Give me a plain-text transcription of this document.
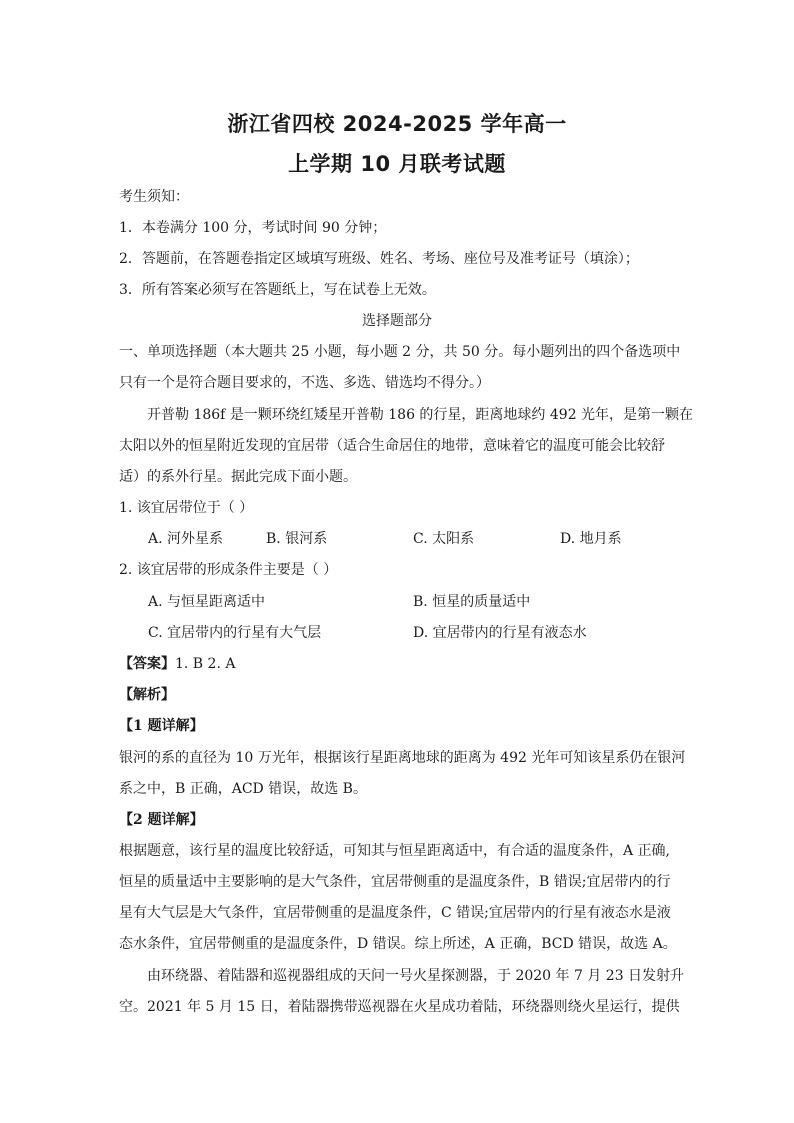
浙江省四校 2024-2025 学年高一
上学期 10 月联考试题
考生须知：
1．本卷满分 100 分，考试时间 90 分钟；
2．答题前，在答题卷指定区域填写班级、姓名、考场、座位号及准考证号（填涂）；
3．所有答案必须写在答题纸上，写在试卷上无效。
选择题部分
一、单项选择题（本大题共 25 小题，每小题 2 分，共 50 分。每小题列出的四个备选项中
只有一个是符合题目要求的，不选、多选、错选均不得分。）
开普勒 186f 是一颗环绕红矮星开普勒 186 的行星，距离地球约 492 光年，是第一颗在
太阳以外的恒星附近发现的宜居带（适合生命居住的地带，意味着它的温度可能会比较舒
适）的系外行星。据此完成下面小题。
1. 该宜居带位于（ ）
A. 河外星系	B. 银河系	C. 太阳系	D. 地月系
2. 该宜居带的形成条件主要是（ ）
A. 与恒星距离适中	B. 恒星的质量适中
C. 宜居带内的行星有大气层	D. 宜居带内的行星有液态水
【答案】1. B 2. A
【解析】
【1 题详解】
银河的系的直径为 10 万光年，根据该行星距离地球的距离为 492 光年可知该星系仍在银河
系之中，B 正确，ACD 错误，故选 B。
【2 题详解】
根据题意，该行星的温度比较舒适，可知其与恒星距离适中，有合适的温度条件，A 正确,
恒星的质量适中主要影响的是大气条件，宜居带侧重的是温度条件，B 错误;宜居带内的行
星有大气层是大气条件，宜居带侧重的是温度条件，C 错误;宜居带内的行星有液态水是液
态水条件，宜居带侧重的是温度条件，D 错误。综上所述，A 正确，BCD 错误，故选 A。
由环绕器、着陆器和巡视器组成的天问一号火星探测器，于 2020 年 7 月 23 日发射升
空。2021 年 5 月 15 日，着陆器携带巡视器在火星成功着陆，环绕器则绕火星运行，提供
